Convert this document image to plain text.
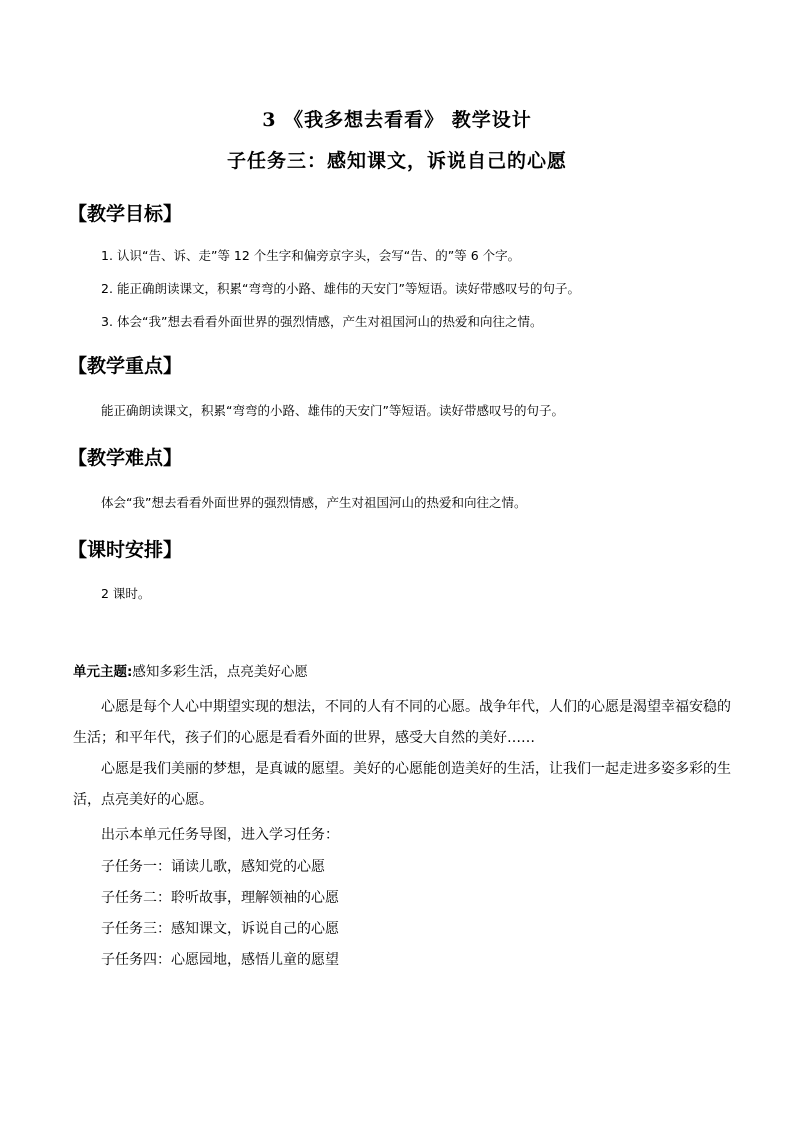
3 《我多想去看看》 教学设计
子任务三：感知课文，诉说自己的心愿
【教学目标】
1. 认识“告、诉、走”等 12 个生字和偏旁京字头，会写“告、的”等 6 个字。
2. 能正确朗读课文，积累“弯弯的小路、雄伟的天安门”等短语。读好带感叹号的句子。
3. 体会“我”想去看看外面世界的强烈情感，产生对祖国河山的热爱和向往之情。
【教学重点】
能正确朗读课文，积累“弯弯的小路、雄伟的天安门”等短语。读好带感叹号的句子。
【教学难点】
体会“我”想去看看外面世界的强烈情感，产生对祖国河山的热爱和向往之情。
【课时安排】
2 课时。
单元主题:感知多彩生活，点亮美好心愿
心愿是每个人心中期望实现的想法，不同的人有不同的心愿。战争年代，人们的心愿是渴望幸福安稳的生活；和平年代，孩子们的心愿是看看外面的世界，感受大自然的美好……
心愿是我们美丽的梦想，是真诚的愿望。美好的心愿能创造美好的生活，让我们一起走进多姿多彩的生活，点亮美好的心愿。
出示本单元任务导图，进入学习任务：
子任务一：诵读儿歌，感知党的心愿
子任务二：聆听故事，理解领袖的心愿
子任务三：感知课文，诉说自己的心愿
子任务四：心愿园地，感悟儿童的愿望
